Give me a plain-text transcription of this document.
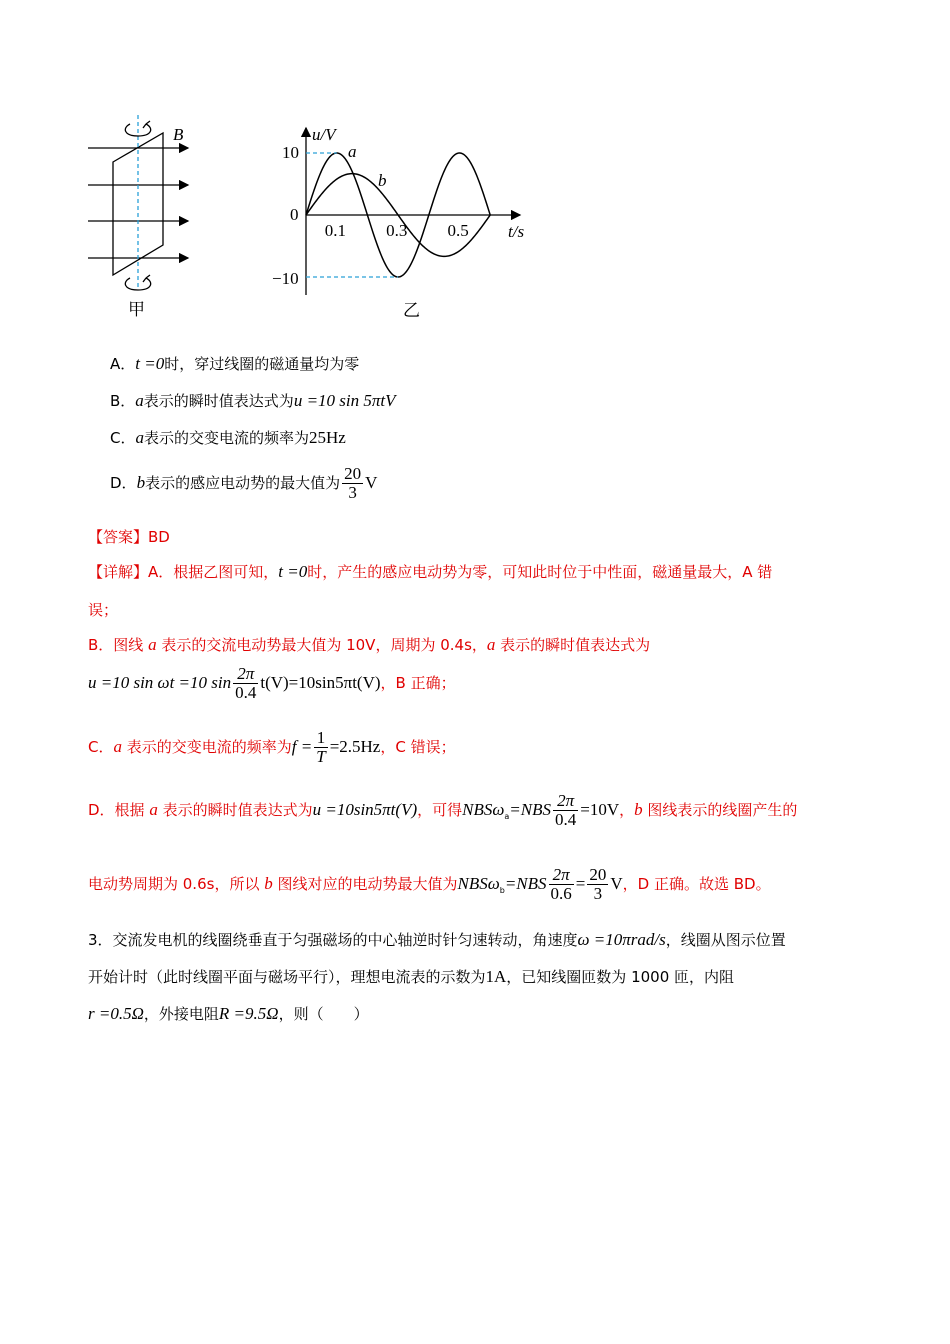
B
甲
u/V
t/s
10
0
−10
a
b
乙
0.1 0.3 0.5
A．t =0时，穿过线圈的磁通量均为零
B．a表示的瞬时值表达式为u =10 sin 5πtV
C．a表示的交变电流的频率为25Hz
D．b表示的感应电动势的最大值为 $\frac{20}{3}$ V
【答案】BD
【详解】A．根据乙图可知，t =0时，产生的感应电动势为零，可知此时位于中性面，磁通量最大，A 错
误；
B．图线 a 表示的交流电动势最大值为 10V，周期为 0.4s，a 表示的瞬时值表达式为
u =10 sin ωt =10 $\sin \frac{2\pi}{0.4} t(V)=10\sin 5\pi t(V)$，B 正确；
C．a 表示的交变电流的频率为$f = \frac{1}{T} =2.5Hz$，C 错误；
D．根据 a 表示的瞬时值表达式为u =10sin5πt(V)，可得$NBS\omega_a=NBS \frac{2\pi}{0.4} =10V$，b 图线表示的线圈产生的
电动势周期为 0.6s，所以 b 图线对应的电动势最大值为$NBS\omega_b=NBS \frac{2\pi}{0.6} = \frac{20}{3}$ V，D 正确。故选 BD。
3．交流发电机的线圈绕垂直于匀强磁场的中心轴逆时针匀速转动，角速度ω =10πrad/s，线圈从图示位置
开始计时（此时线圈平面与磁场平行），理想电流表的示数为1A，已知线圈匝数为 1000 匝，内阻
r =0.5Ω，外接电阻R =9.5Ω，则（　　）
